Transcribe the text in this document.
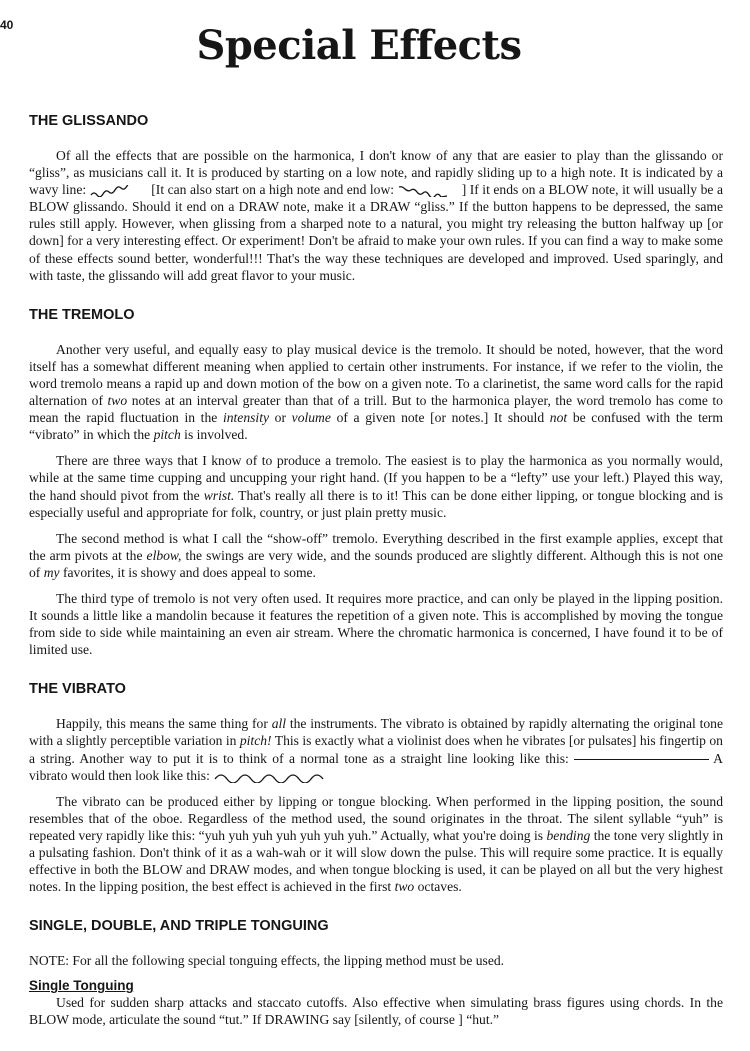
40	Special Effects
THE GLISSANDO

Of all the effects that are possible on the harmonica, I don't know of any that are easier to play than the glissando or “gliss”, as musicians call it. It is produced by starting on a low note, and rapidly sliding up to a high note. It is indicated by a wavy line:	[It can also start on a high note and end low:	] If it ends on a BLOW note, it will usually be a BLOW glissando. Should it end on a DRAW note, make it a DRAW “gliss.” If the button happens to be depressed, the same rules still apply. However, when glissing from a sharped note to a natural, you might try releasing the button halfway up [or down] for a very interesting effect. Or experiment! Don't be afraid to make your own rules. If you can find a way to make some of these effects sound better, wonderful!!! That's the way these techniques are developed and improved. Used sparingly, and with taste, the glissando will add great flavor to your music.

THE TREMOLO

Another very useful, and equally easy to play musical device is the tremolo. It should be noted, however, that the word itself has a somewhat different meaning when applied to certain other instruments. For instance, if we refer to the violin, the word tremolo means a rapid up and down motion of the bow on a given note. To a clarinetist, the same word calls for the rapid alternation of two notes at an interval greater than that of a trill. But to the harmonica player, the word tremolo has come to mean the rapid fluctuation in the intensity or volume of a given note [or notes.] It should not be confused with the term “vibrato” in which the pitch is involved.

There are three ways that I know of to produce a tremolo. The easiest is to play the harmonica as you normally would, while at the same time cupping and uncupping your right hand. (If you happen to be a “lefty” use your left.) Played this way, the hand should pivot from the wrist. That's really all there is to it! This can be done either lipping, or tongue blocking and is especially useful and appropriate for folk, country, or just plain pretty music.

The second method is what I call the “show-off” tremolo. Everything described in the first example applies, except that the arm pivots at the elbow, the swings are very wide, and the sounds produced are slightly different. Although this is not one of my favorites, it is showy and does appeal to some.

The third type of tremolo is not very often used. It requires more practice, and can only be played in the lipping position. It sounds a little like a mandolin because it features the repetition of a given note. This is accomplished by moving the tongue from side to side while maintaining an even air stream. Where the chromatic harmonica is concerned, I have found it to be of limited use.

THE VIBRATO

Happily, this means the same thing for all the instruments. The vibrato is obtained by rapidly alternating the original tone with a slightly perceptible variation in pitch! This is exactly what a violinist does when he vibrates [or pulsates] his fingertip on a string. Another way to put it is to think of a normal tone as a straight line looking like this:	A vibrato would then look like this:

The vibrato can be produced either by lipping or tongue blocking. When performed in the lipping position, the sound resembles that of the oboe. Regardless of the method used, the sound originates in the throat. The silent syllable “yuh” is repeated very rapidly like this: “yuh yuh yuh yuh yuh yuh yuh.” Actually, what you're doing is bending the tone very slightly in a pulsating fashion. Don't think of it as a wah-wah or it will slow down the pulse. This will require some practice. It is equally effective in both the BLOW and DRAW modes, and when tongue blocking is used, it can be played on all but the very highest notes. In the lipping position, the best effect is achieved in the first two octaves.

SINGLE, DOUBLE, AND TRIPLE TONGUING

NOTE: For all the following special tonguing effects, the lipping method must be used.

Single Tonguing

Used for sudden sharp attacks and staccato cutoffs. Also effective when simulating brass figures using chords. In the BLOW mode, articulate the sound “tut.” If DRAWING say [silently, of course ] “hut.”
